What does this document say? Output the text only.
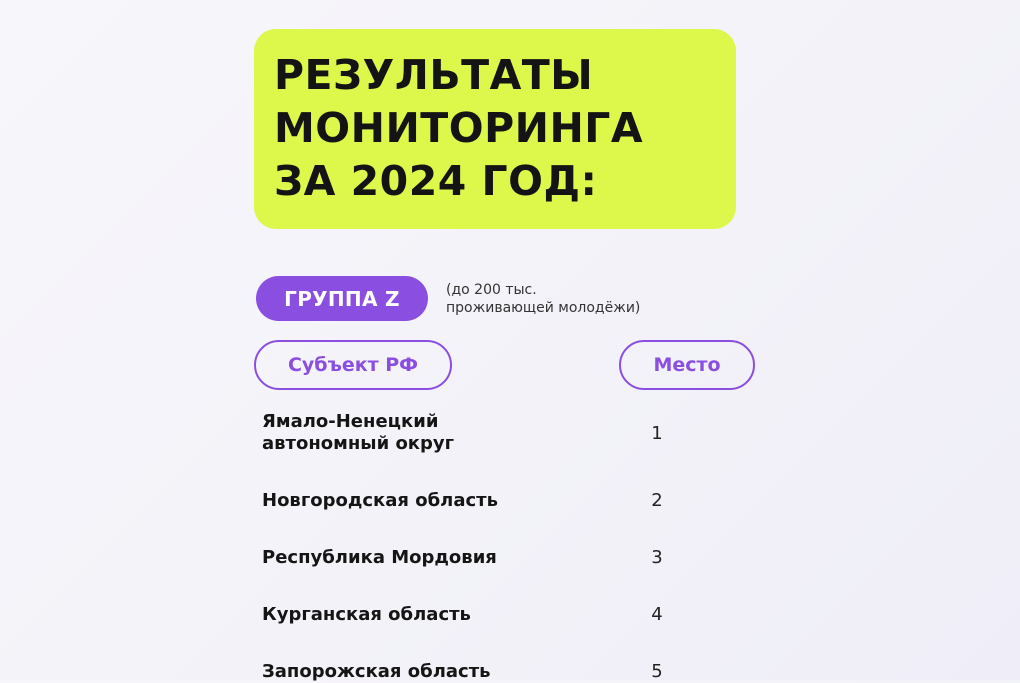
РЕЗУЛЬТАТЫ
МОНИТОРИНГА
ЗА 2024 ГОД:
ГРУППА Z	(до 200 тыс.
проживающей молодёжи)
Субъект РФ	Место
Ямало-Ненецкий
автономный округ	1
Новгородская область	2
Республика Мордовия	3
Курганская область	4
Запорожская область	5
